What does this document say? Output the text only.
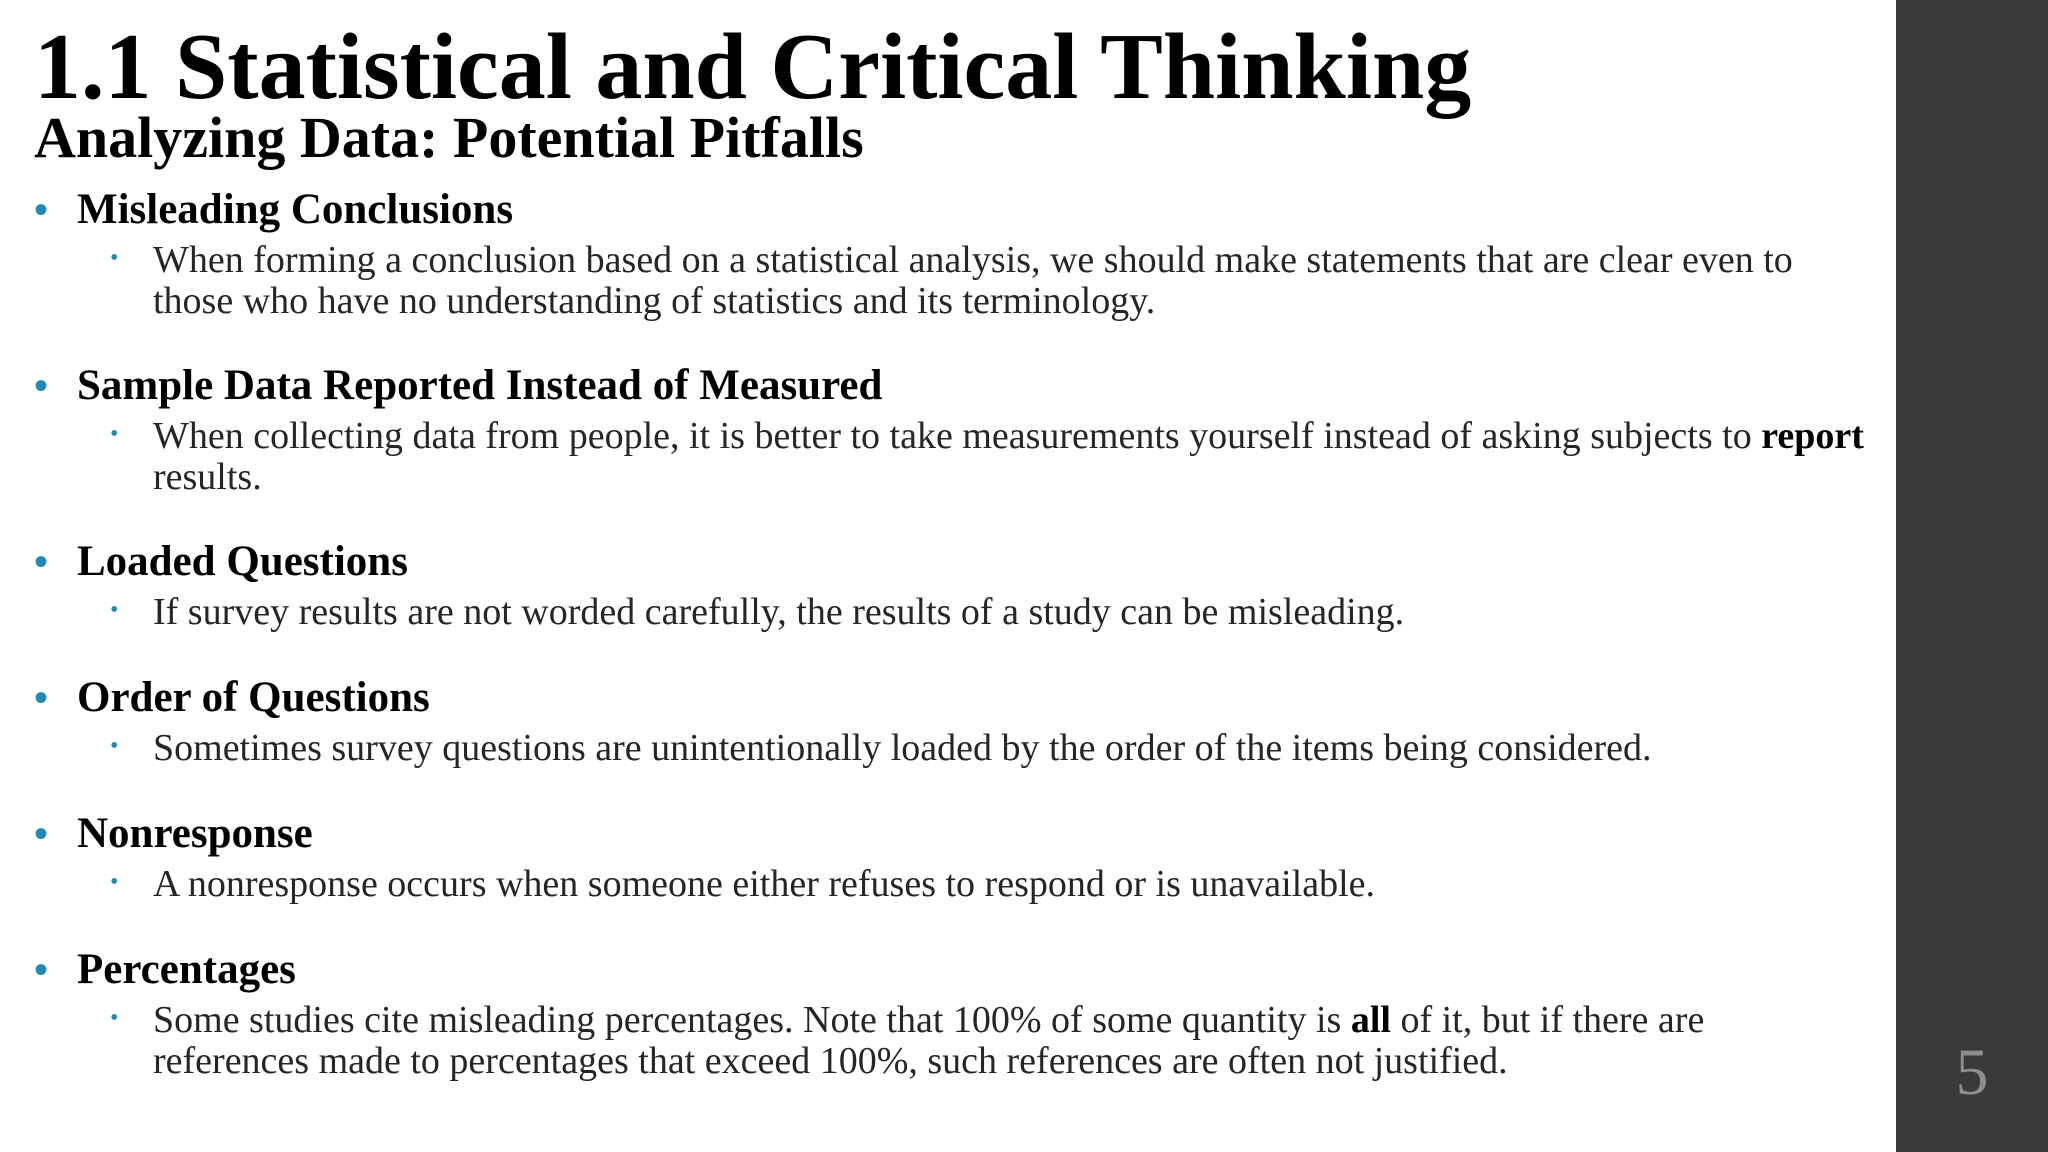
1.1 Statistical and Critical Thinking
Analyzing Data: Potential Pitfalls
• Misleading Conclusions
• When forming a conclusion based on a statistical analysis, we should make statements that are clear even to those who have no understanding of statistics and its terminology.
• Sample Data Reported Instead of Measured
• When collecting data from people, it is better to take measurements yourself instead of asking subjects to report results.
• Loaded Questions
• If survey results are not worded carefully, the results of a study can be misleading.
• Order of Questions
• Sometimes survey questions are unintentionally loaded by the order of the items being considered.
• Nonresponse
• A nonresponse occurs when someone either refuses to respond or is unavailable.
• Percentages
• Some studies cite misleading percentages. Note that 100% of some quantity is all of it, but if there are references made to percentages that exceed 100%, such references are often not justified.	5
